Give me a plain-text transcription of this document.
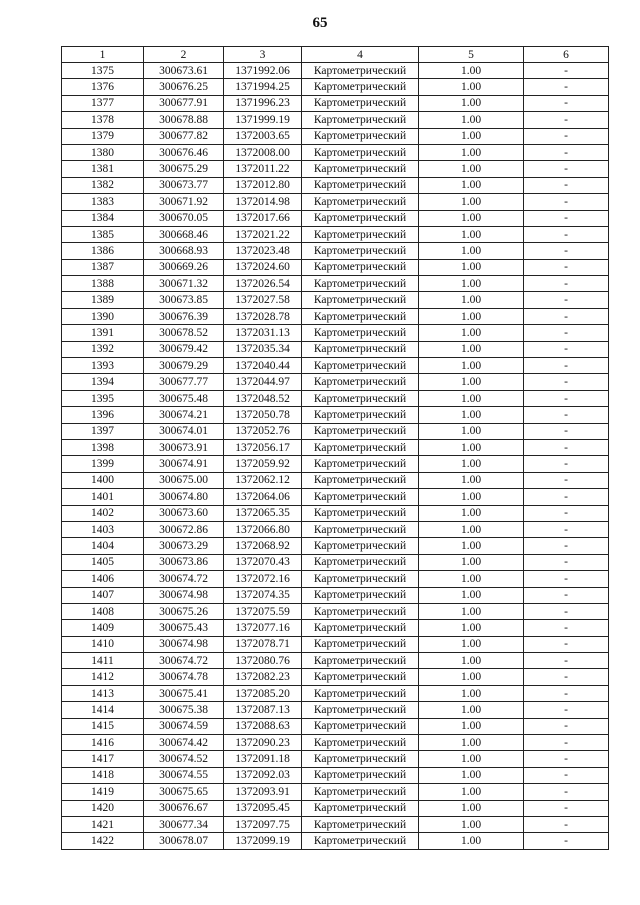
65
1	2	3	4	5	6
1375	300673.61	1371992.06	Картометрический	1.00	-
1376	300676.25	1371994.25	Картометрический	1.00	-
1377	300677.91	1371996.23	Картометрический	1.00	-
1378	300678.88	1371999.19	Картометрический	1.00	-
1379	300677.82	1372003.65	Картометрический	1.00	-
1380	300676.46	1372008.00	Картометрический	1.00	-
1381	300675.29	1372011.22	Картометрический	1.00	-
1382	300673.77	1372012.80	Картометрический	1.00	-
1383	300671.92	1372014.98	Картометрический	1.00	-
1384	300670.05	1372017.66	Картометрический	1.00	-
1385	300668.46	1372021.22	Картометрический	1.00	-
1386	300668.93	1372023.48	Картометрический	1.00	-
1387	300669.26	1372024.60	Картометрический	1.00	-
1388	300671.32	1372026.54	Картометрический	1.00	-
1389	300673.85	1372027.58	Картометрический	1.00	-
1390	300676.39	1372028.78	Картометрический	1.00	-
1391	300678.52	1372031.13	Картометрический	1.00	-
1392	300679.42	1372035.34	Картометрический	1.00	-
1393	300679.29	1372040.44	Картометрический	1.00	-
1394	300677.77	1372044.97	Картометрический	1.00	-
1395	300675.48	1372048.52	Картометрический	1.00	-
1396	300674.21	1372050.78	Картометрический	1.00	-
1397	300674.01	1372052.76	Картометрический	1.00	-
1398	300673.91	1372056.17	Картометрический	1.00	-
1399	300674.91	1372059.92	Картометрический	1.00	-
1400	300675.00	1372062.12	Картометрический	1.00	-
1401	300674.80	1372064.06	Картометрический	1.00	-
1402	300673.60	1372065.35	Картометрический	1.00	-
1403	300672.86	1372066.80	Картометрический	1.00	-
1404	300673.29	1372068.92	Картометрический	1.00	-
1405	300673.86	1372070.43	Картометрический	1.00	-
1406	300674.72	1372072.16	Картометрический	1.00	-
1407	300674.98	1372074.35	Картометрический	1.00	-
1408	300675.26	1372075.59	Картометрический	1.00	-
1409	300675.43	1372077.16	Картометрический	1.00	-
1410	300674.98	1372078.71	Картометрический	1.00	-
1411	300674.72	1372080.76	Картометрический	1.00	-
1412	300674.78	1372082.23	Картометрический	1.00	-
1413	300675.41	1372085.20	Картометрический	1.00	-
1414	300675.38	1372087.13	Картометрический	1.00	-
1415	300674.59	1372088.63	Картометрический	1.00	-
1416	300674.42	1372090.23	Картометрический	1.00	-
1417	300674.52	1372091.18	Картометрический	1.00	-
1418	300674.55	1372092.03	Картометрический	1.00	-
1419	300675.65	1372093.91	Картометрический	1.00	-
1420	300676.67	1372095.45	Картометрический	1.00	-
1421	300677.34	1372097.75	Картометрический	1.00	-
1422	300678.07	1372099.19	Картометрический	1.00	-
